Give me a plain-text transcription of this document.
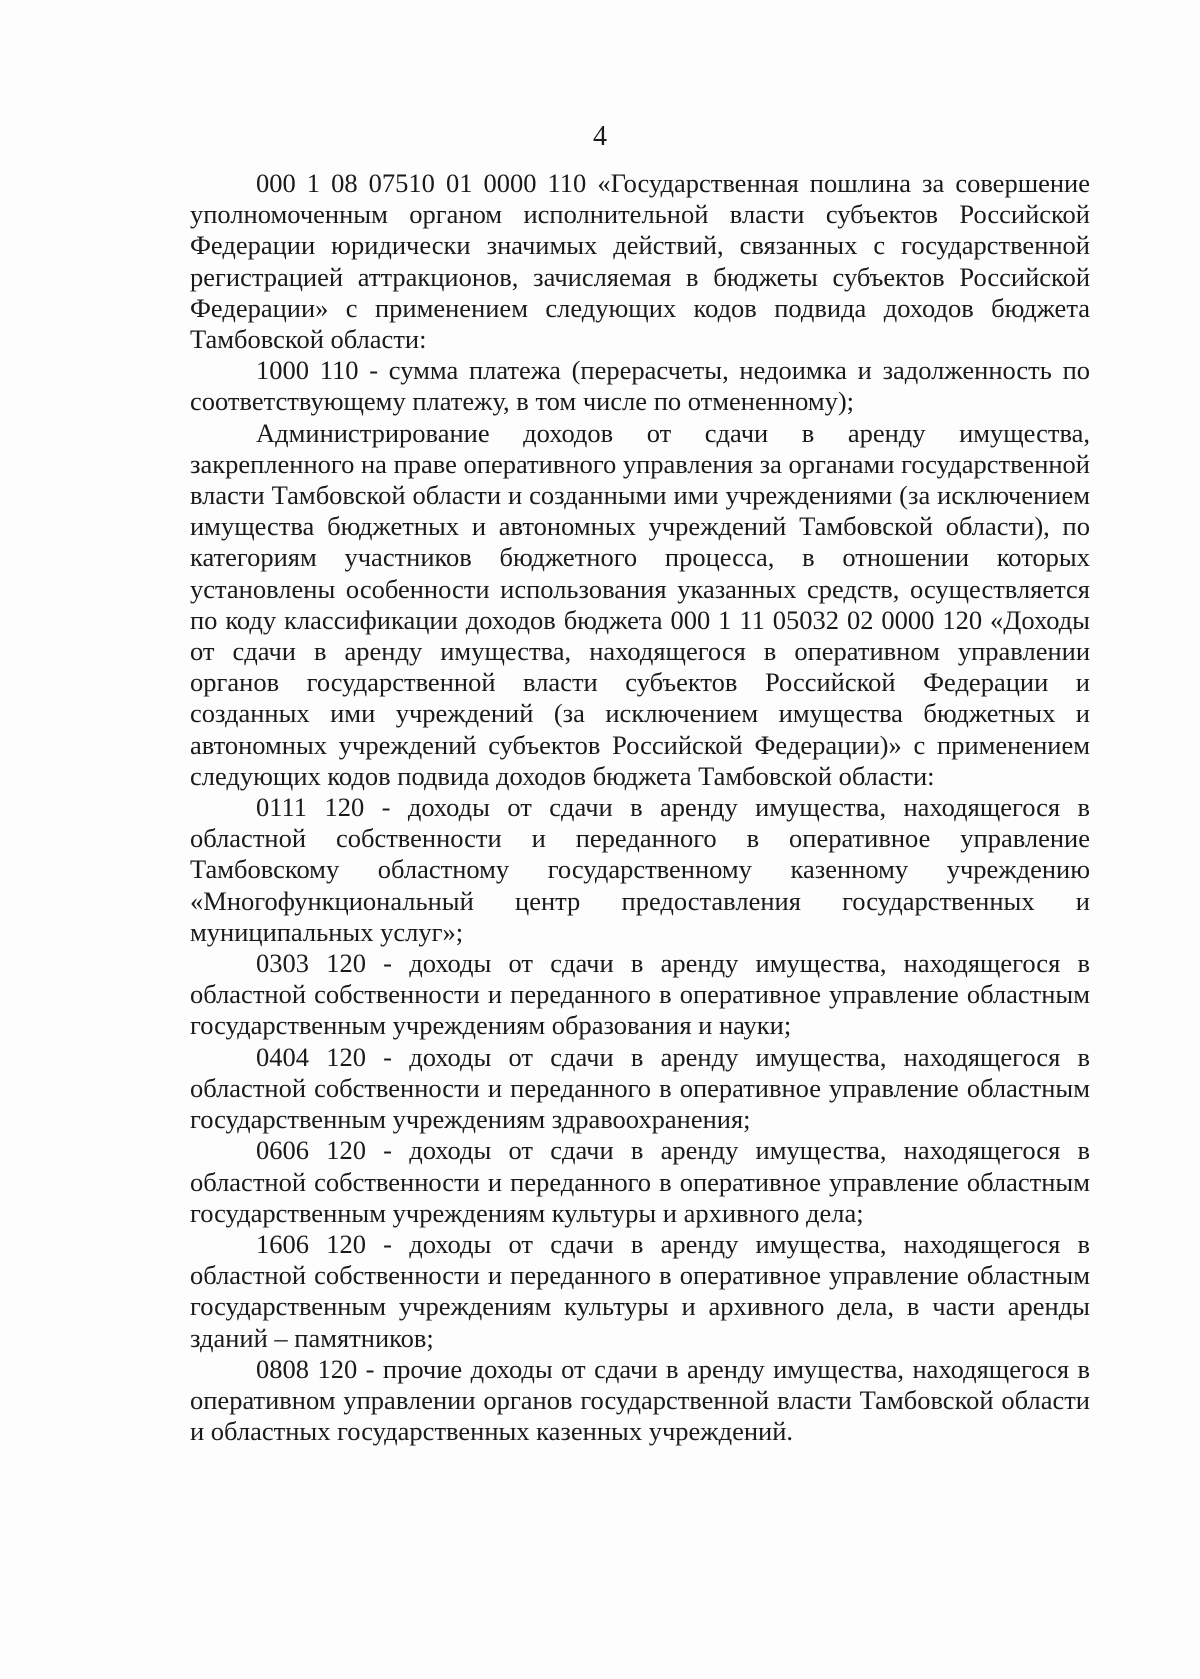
4

000 1 08 07510 01 0000 110 «Государственная пошлина за совершение уполномоченным органом исполнительной власти субъектов Российской Федерации юридически значимых действий, связанных с государственной регистрацией аттракционов, зачисляемая в бюджеты субъектов Российской Федерации» с применением следующих кодов подвида доходов бюджета Тамбовской области:

1000 110 - сумма платежа (перерасчеты, недоимка и задолженность по соответствующему платежу, в том числе по отмененному);

Администрирование доходов от сдачи в аренду имущества, закрепленного на праве оперативного управления за органами государственной власти Тамбовской области и созданными ими учреждениями (за исключением имущества бюджетных и автономных учреждений Тамбовской области), по категориям участников бюджетного процесса, в отношении которых установлены особенности использования указанных средств, осуществляется по коду классификации доходов бюджета 000 1 11 05032 02 0000 120 «Доходы от сдачи в аренду имущества, находящегося в оперативном управлении органов государственной власти субъектов Российской Федерации и созданных ими учреждений (за исключением имущества бюджетных и автономных учреждений субъектов Российской Федерации)» с применением следующих кодов подвида доходов бюджета Тамбовской области:

0111 120 - доходы от сдачи в аренду имущества, находящегося в областной собственности и переданного в оперативное управление Тамбовскому областному государственному казенному учреждению «Многофункциональный центр предоставления государственных и муниципальных услуг»;

0303 120 - доходы от сдачи в аренду имущества, находящегося в областной собственности и переданного в оперативное управление областным государственным учреждениям образования и науки;

0404 120 - доходы от сдачи в аренду имущества, находящегося в областной собственности и переданного в оперативное управление областным государственным учреждениям здравоохранения;

0606 120 - доходы от сдачи в аренду имущества, находящегося в областной собственности и переданного в оперативное управление областным государственным учреждениям культуры и архивного дела;

1606 120 - доходы от сдачи в аренду имущества, находящегося в областной собственности и переданного в оперативное управление областным государственным учреждениям культуры и архивного дела, в части аренды зданий – памятников;

0808 120 - прочие доходы от сдачи в аренду имущества, находящегося в оперативном управлении органов государственной власти Тамбовской области и областных государственных казенных учреждений.
